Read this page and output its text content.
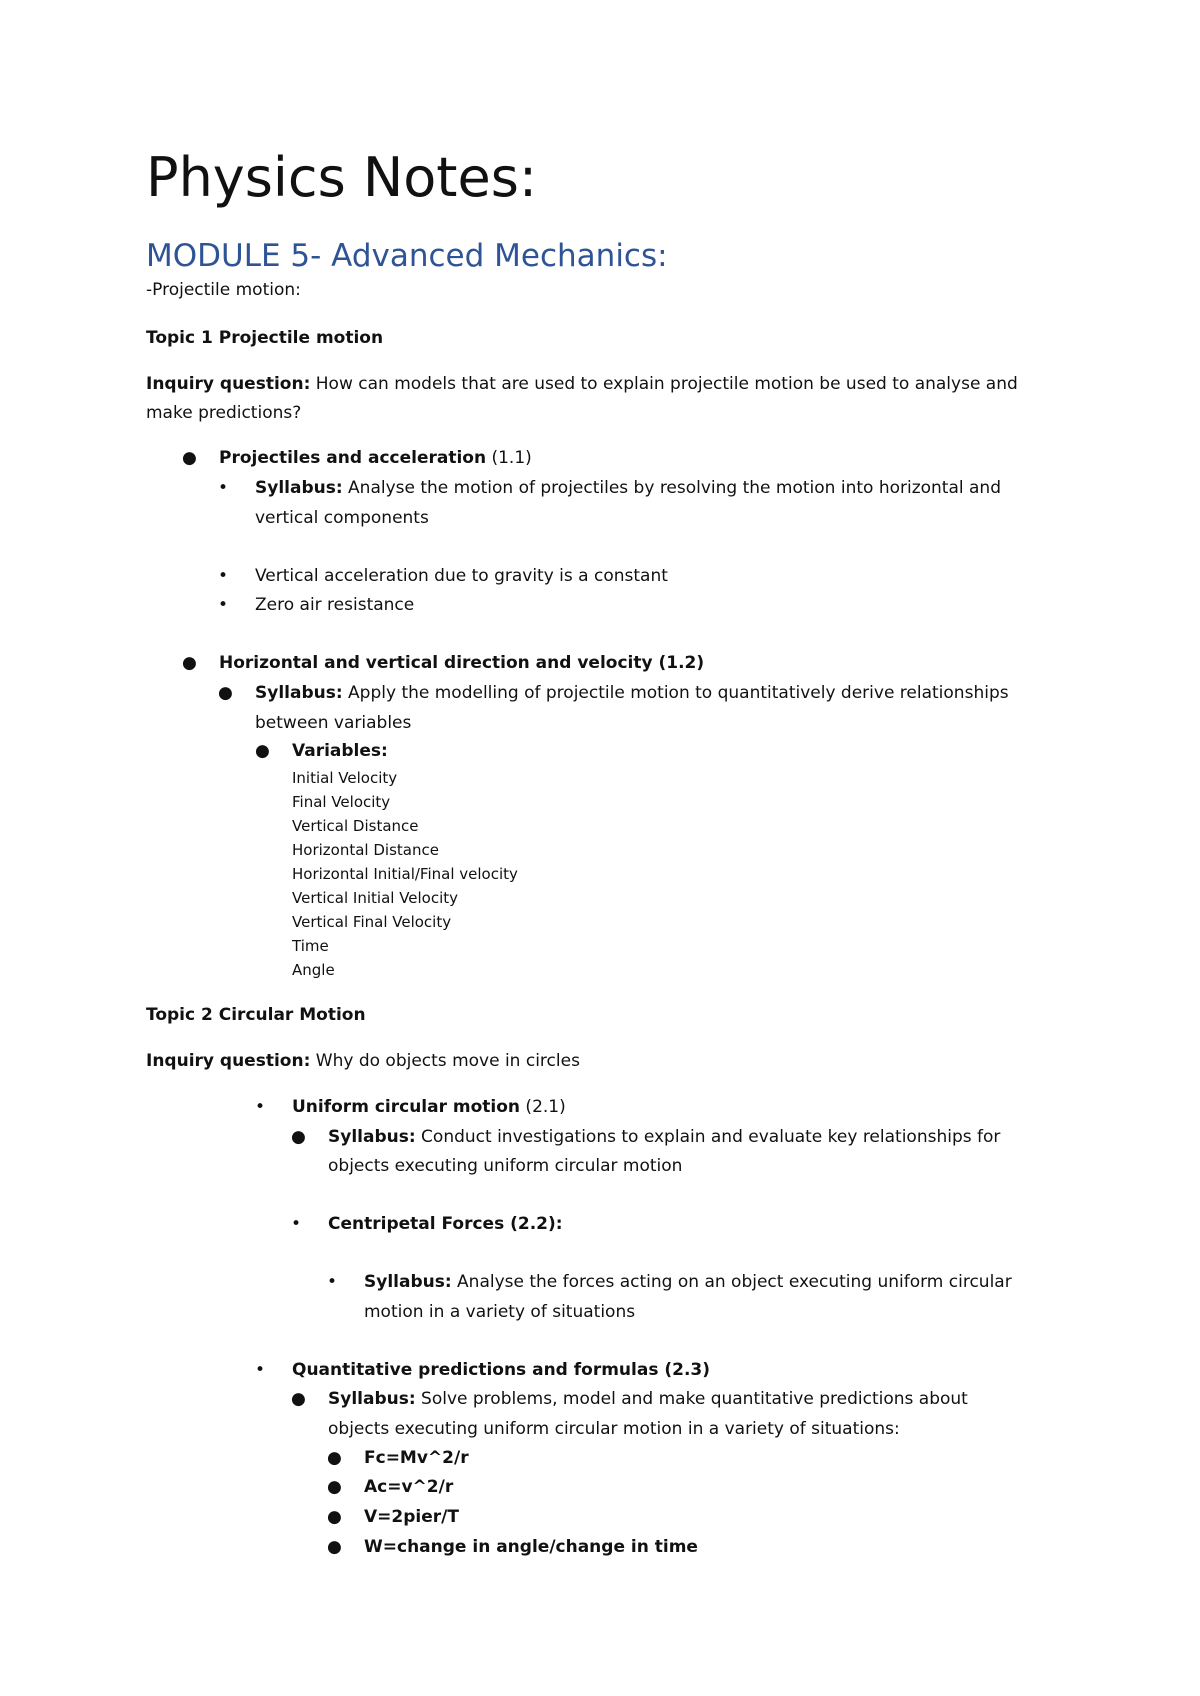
Physics Notes:
MODULE 5- Advanced Mechanics:
-Projectile motion:
Topic 1 Projectile motion
Inquiry question: How can models that are used to explain projectile motion be used to analyse and
make predictions?
● Projectiles and acceleration (1.1)
• Syllabus: Analyse the motion of projectiles by resolving the motion into horizontal and
vertical components
• Vertical acceleration due to gravity is a constant
• Zero air resistance
● Horizontal and vertical direction and velocity (1.2)
● Syllabus: Apply the modelling of projectile motion to quantitatively derive relationships
between variables
● Variables:
Initial Velocity
Final Velocity
Vertical Distance
Horizontal Distance
Horizontal Initial/Final velocity
Vertical Initial Velocity
Vertical Final Velocity
Time
Angle
Topic 2 Circular Motion
Inquiry question: Why do objects move in circles
• Uniform circular motion (2.1)
● Syllabus: Conduct investigations to explain and evaluate key relationships for
objects executing uniform circular motion
• Centripetal Forces (2.2):
• Syllabus: Analyse the forces acting on an object executing uniform circular
motion in a variety of situations
• Quantitative predictions and formulas (2.3)
● Syllabus: Solve problems, model and make quantitative predictions about
objects executing uniform circular motion in a variety of situations:
● Fc=Mv^2/r
● Ac=v^2/r
● V=2pier/T
● W=change in angle/change in time
